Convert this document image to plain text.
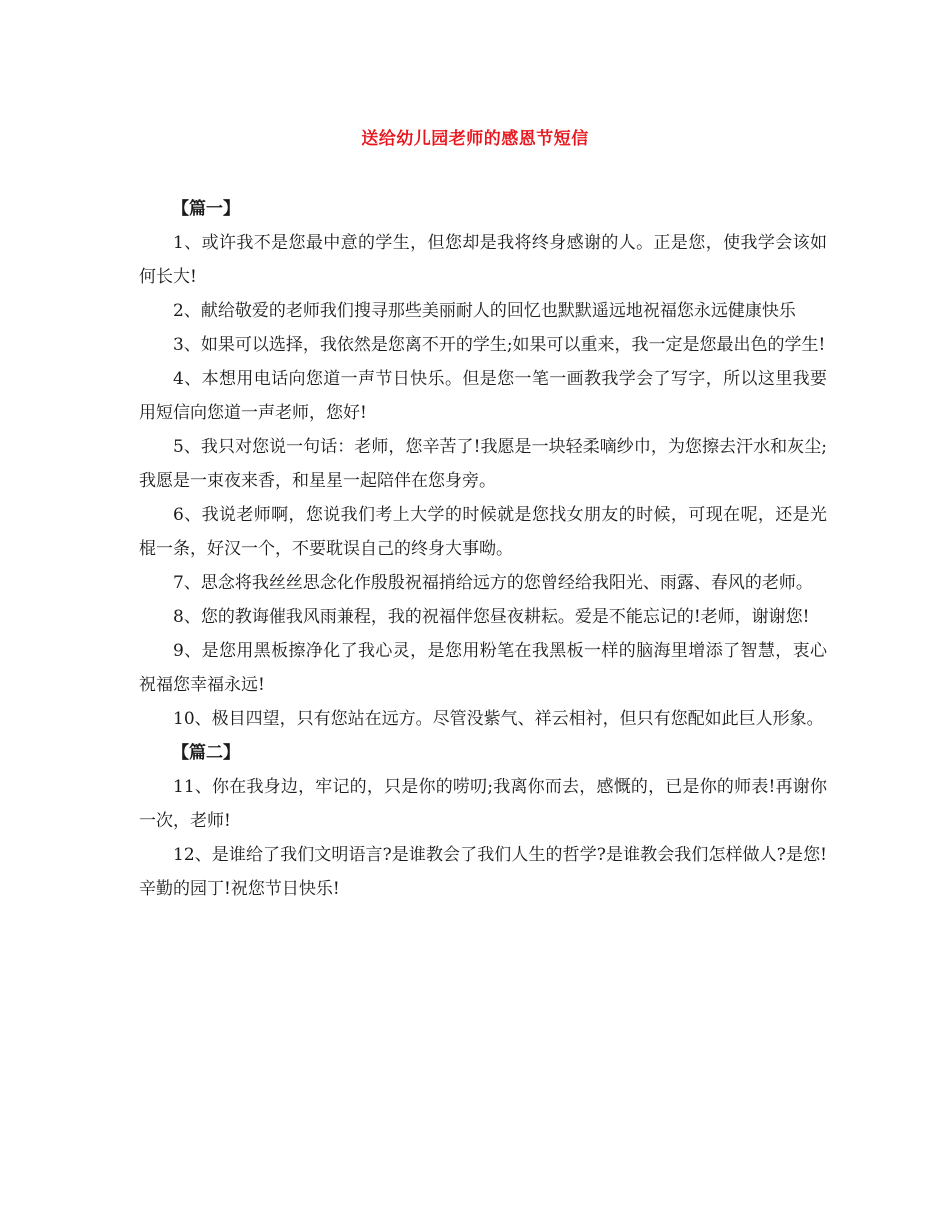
送给幼儿园老师的感恩节短信

【篇一】

1、或许我不是您最中意的学生，但您却是我将终身感谢的人。正是您，使我学会该如何长大!

2、献给敬爱的老师我们搜寻那些美丽耐人的回忆也默默遥远地祝福您永远健康快乐

3、如果可以选择，我依然是您离不开的学生;如果可以重来，我一定是您最出色的学生!

4、本想用电话向您道一声节日快乐。但是您一笔一画教我学会了写字，所以这里我要用短信向您道一声老师，您好!

5、我只对您说一句话：老师，您辛苦了!我愿是一块轻柔嘀纱巾，为您擦去汗水和灰尘;我愿是一束夜来香，和星星一起陪伴在您身旁。

6、我说老师啊，您说我们考上大学的时候就是您找女朋友的时候，可现在呢，还是光棍一条，好汉一个，不要耽误自己的终身大事呦。

7、思念将我丝丝思念化作殷殷祝福捎给远方的您曾经给我阳光、雨露、春风的老师。

8、您的教诲催我风雨兼程，我的祝福伴您昼夜耕耘。爱是不能忘记的!老师，谢谢您!

9、是您用黑板擦净化了我心灵，是您用粉笔在我黑板一样的脑海里增添了智慧，衷心祝福您幸福永远!

10、极目四望，只有您站在远方。尽管没紫气、祥云相衬，但只有您配如此巨人形象。

【篇二】

11、你在我身边，牢记的，只是你的唠叨;我离你而去，感慨的，已是你的师表!再谢你一次，老师!

12、是谁给了我们文明语言?是谁教会了我们人生的哲学?是谁教会我们怎样做人?是您!辛勤的园丁!祝您节日快乐!
